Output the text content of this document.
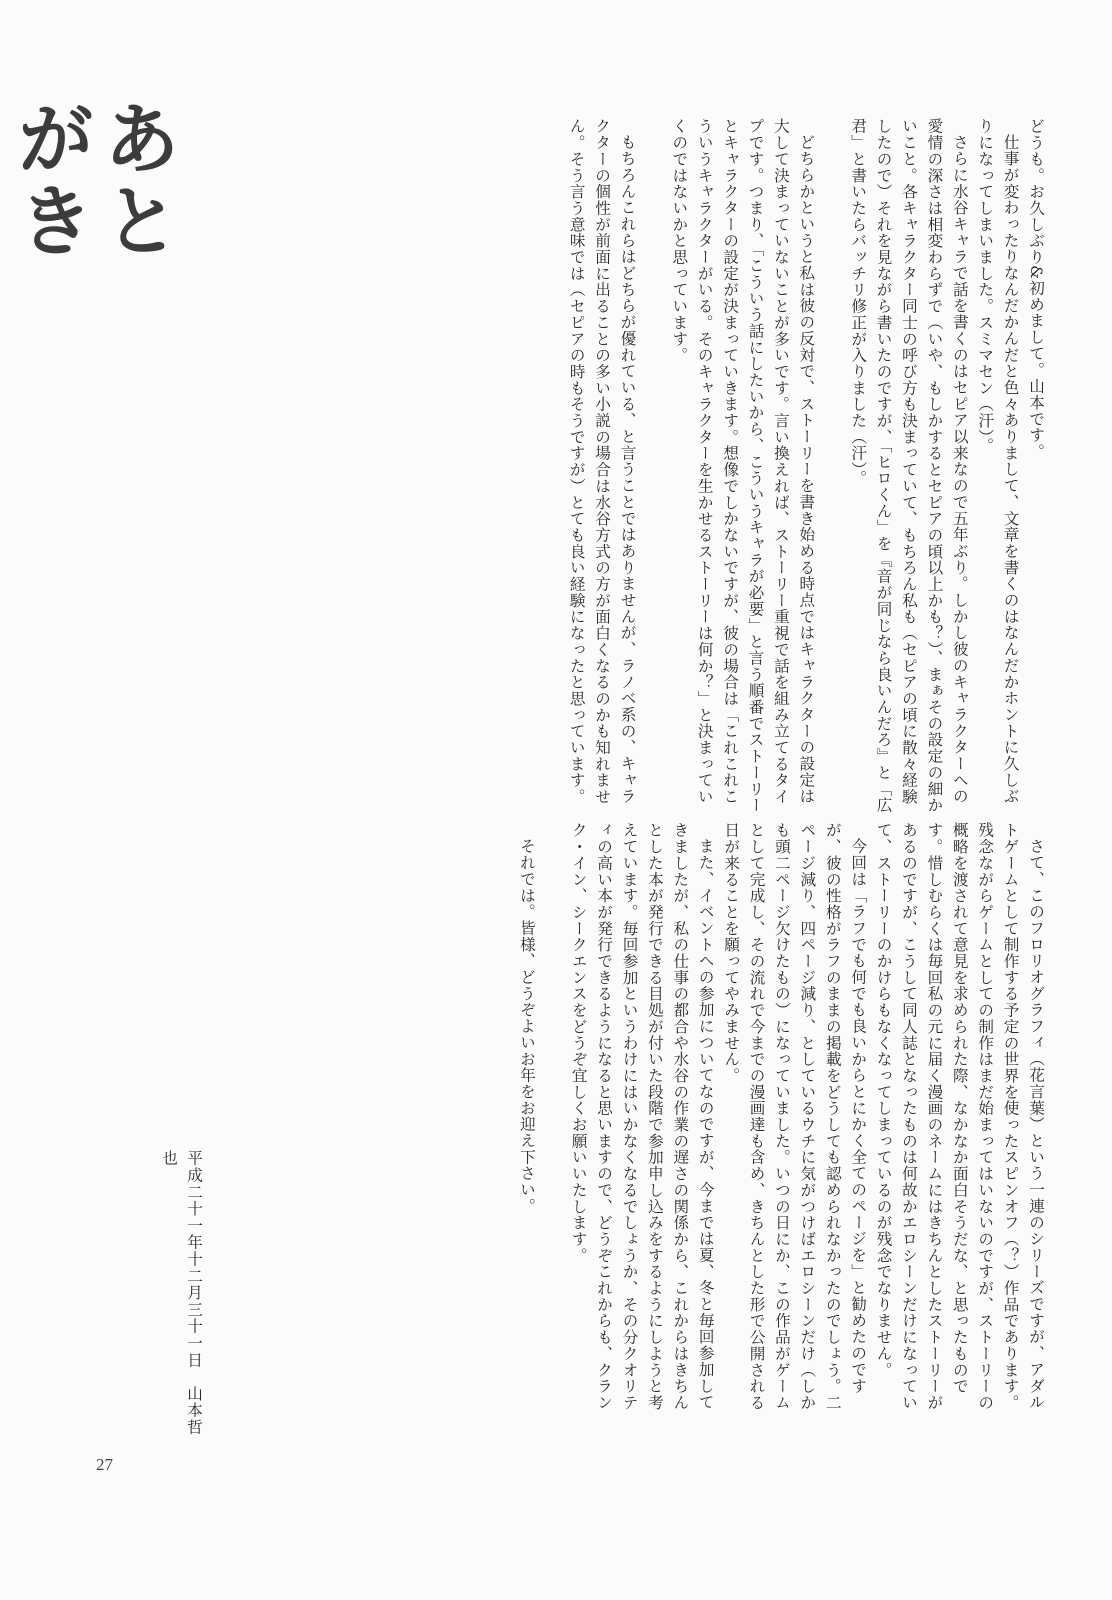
あとがき	どうも。お久しぶり&初めまして。山本です。

仕事が変わったりなんだかんだと色々ありまして、文章を書くのはなんだかホントに久しぶりになってしまいました。スミマセン（汗）。

さらに水谷キャラで話を書くのはセピア以来なので五年ぶり。しかし彼のキャラクターへの愛情の深さは相変わらずで（いや、もしかするとセピアの頃以上かも？）、まぁその設定の細かいこと。各キャラクター同士の呼び方も決まっていて、もちろん私も（セピアの頃に散々経験したので）それを見ながら書いたのですが、「ヒロくん」を『音が同じなら良いんだろ』と「広君」と書いたらバッチリ修正が入りました（汗）。

どちらかというと私は彼の反対で、ストーリーを書き始める時点ではキャラクターの設定は大して決まっていないことが多いです。言い換えれば、ストーリー重視で話を組み立てるタイプです。つまり、「こういう話にしたいから、こういうキャラが必要」と言う順番でストーリーとキャラクターの設定が決まっていきます。想像でしかないですが、彼の場合は「これこれこういうキャラクターがいる。そのキャラクターを生かせるストーリーは何か？」と決まっていくのではないかと思っています。

もちろんこれらはどちらが優れている、と言うことではありませんが、ラノベ系の、キャラクターの個性が前面に出ることの多い小説の場合は水谷方式の方が面白くなるのかも知れません。そう言う意味では（セピアの時もそうですが）とても良い経験になったと思っています。

さて、このフロリオグラフィ（花言葉）という一連のシリーズですが、アダルトゲームとして制作する予定の世界を使ったスピンオフ（？）作品であります。残念ながらゲームとしての制作はまだ始まってはいないのですが、ストーリーの概略を渡されて意見を求められた際、なかなか面白そうだな、と思ったものです。惜しむらくは毎回私の元に届く漫画のネームにはきちんとしたストーリーがあるのですが、こうして同人誌となったものは何故かエロシーンだけになっていて、ストーリーのかけらもなくなってしまっているのが残念でなりません。

今回は「ラフでも何でも良いからとにかく全てのページを」と勧めたのですが、彼の性格がラフのままの掲載をどうしても認められなかったのでしょう。二ページ減り、四ページ減り、としているウチに気がつけばエロシーンだけ（しかも頭二ページ欠けたもの）になっていました。いつの日にか、この作品がゲームとして完成し、その流れで今までの漫画達も含め、きちんとした形で公開される日が来ることを願ってやみません。

また、イベントへの参加についてなのですが、今までは夏、冬と毎回参加してきましたが、私の仕事の都合や水谷の作業の遅さの関係から、これからはきちんとした本が発行できる目処が付いた段階で参加申し込みをするようにしようと考えています。毎回参加というわけにはいかなくなるでしょうか、その分クオリティの高い本が発行できるようになると思いますので、どうぞこれからも、クランク・イン、シークエンスをどうぞ宜しくお願いいたします。

それでは。皆様、どうぞよいお年をお迎え下さい。

平成二十一年十二月三十一日　山本哲也
27
